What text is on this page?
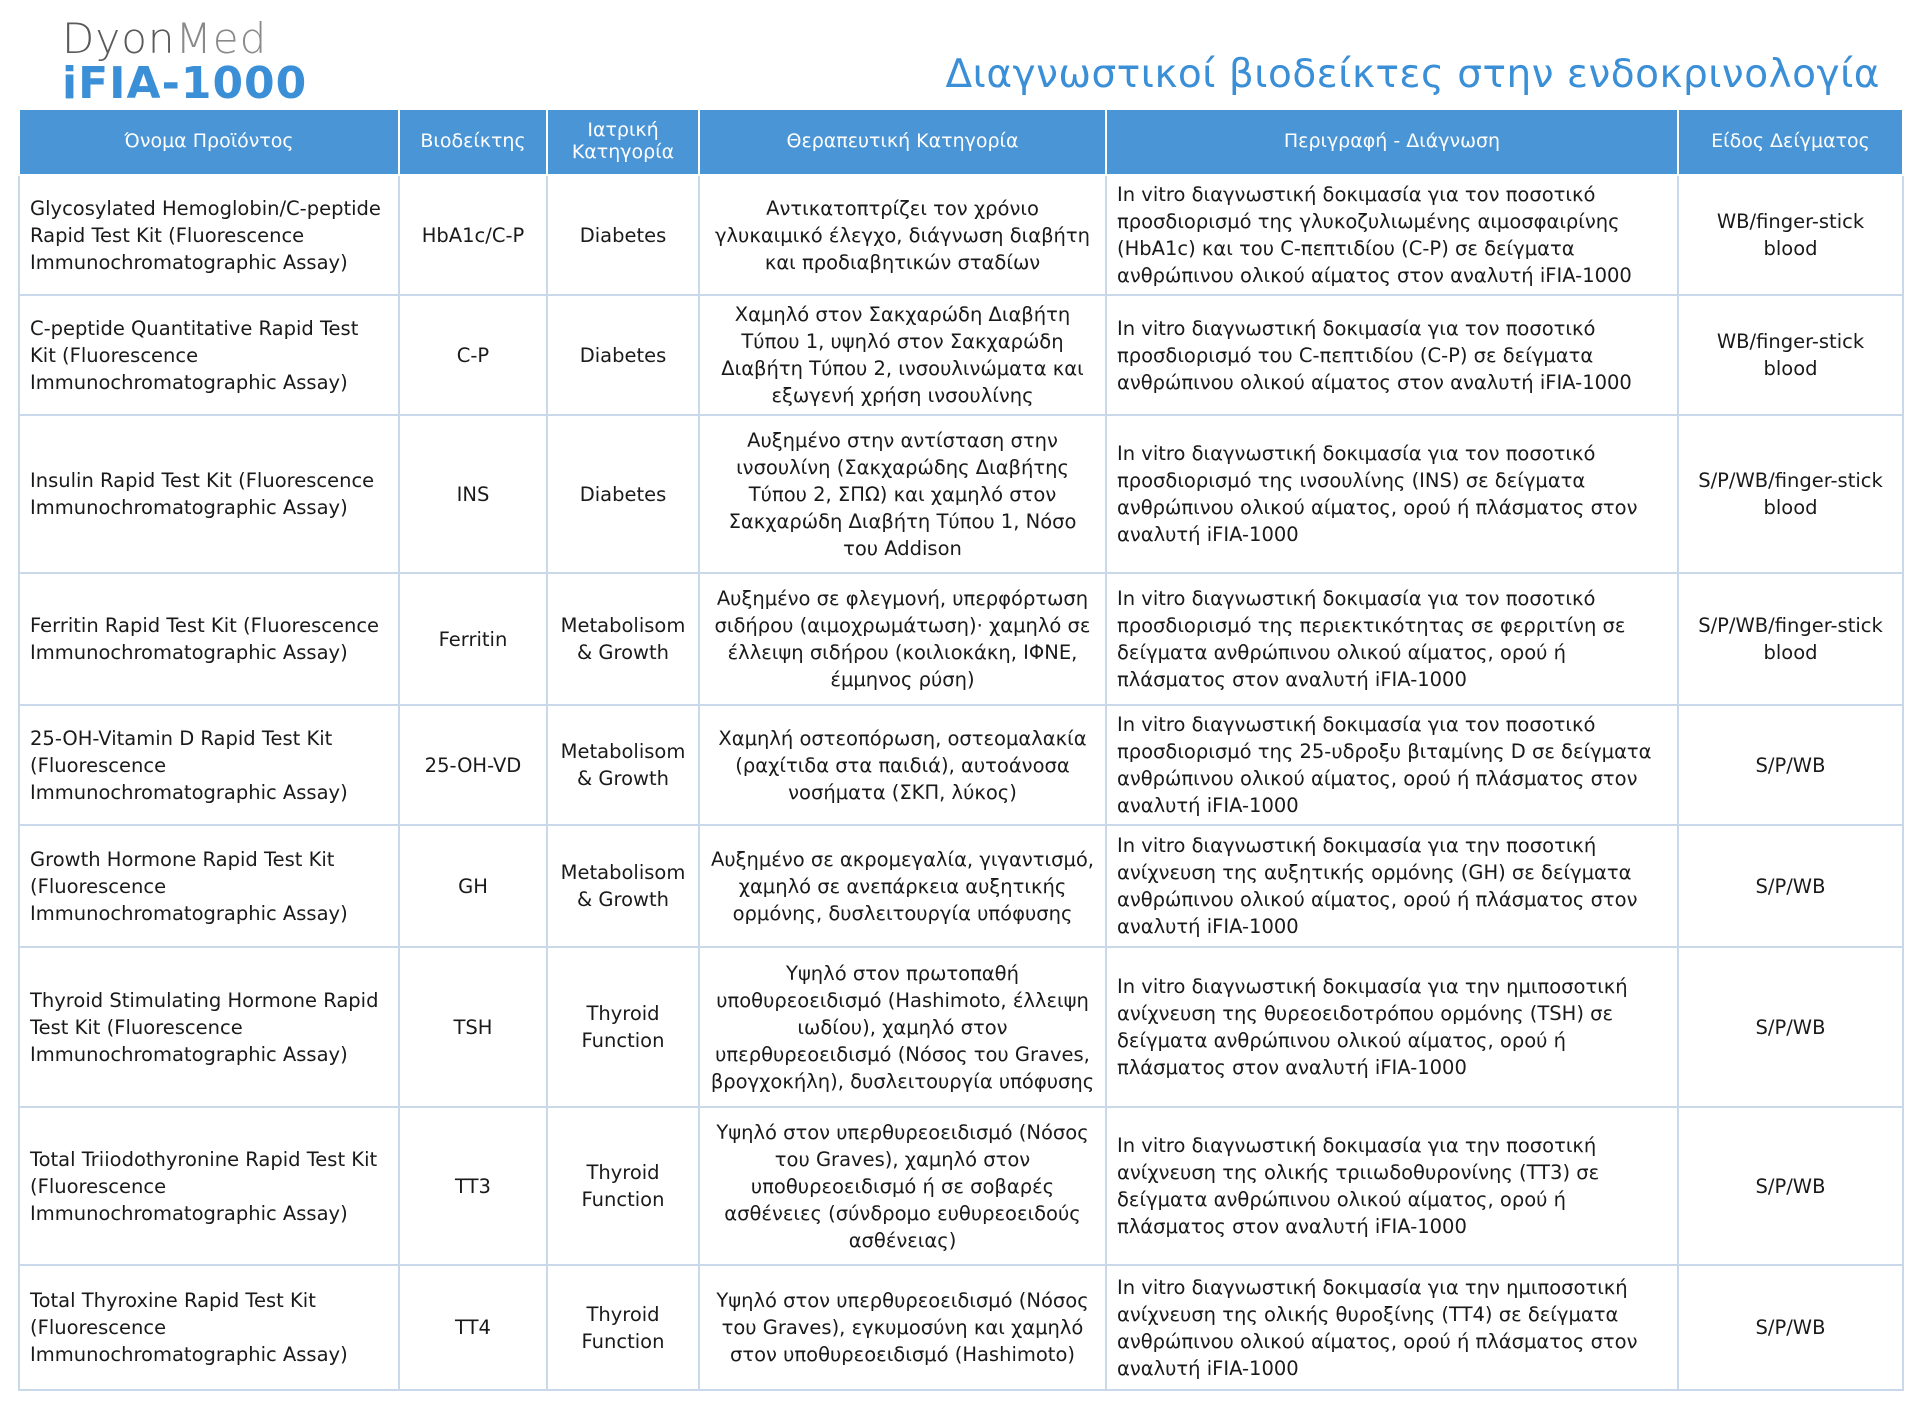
DyonMed
iFIA-1000	Διαγνωστικοί βιοδείκτες στην ενδοκρινολογία
Όνομα Προϊόντος	Βιοδείκτης	Ιατρική Κατηγορία	Θεραπευτική Κατηγορία	Περιγραφή - Διάγνωση	Είδος Δείγματος
Glycosylated Hemoglobin/C-peptide Rapid Test Kit (Fluorescence Immunochromatographic Assay)	HbA1c/C-P	Diabetes	Αντικατοπτρίζει τον χρόνιο γλυκαιμικό έλεγχο, διάγνωση διαβήτη και προδιαβητικών σταδίων	In vitro διαγνωστική δοκιμασία για τον ποσοτικό προσδιορισμό της γλυκοζυλιωμένης αιμοσφαιρίνης (HbA1c) και του C-πεπτιδίου (C-P) σε δείγματα ανθρώπινου ολικού αίματος στον αναλυτή iFIA-1000	WB/finger-stick blood
C-peptide Quantitative Rapid Test Kit (Fluorescence Immunochromatographic Assay)	C-P	Diabetes	Χαμηλό στον Σακχαρώδη Διαβήτη Τύπου 1, υψηλό στον Σακχαρώδη Διαβήτη Τύπου 2, ινσουλινώματα και εξωγενή χρήση ινσουλίνης	In vitro διαγνωστική δοκιμασία για τον ποσοτικό προσδιορισμό του C-πεπτιδίου (C-P) σε δείγματα ανθρώπινου ολικού αίματος στον αναλυτή iFIA-1000	WB/finger-stick blood
Insulin Rapid Test Kit (Fluorescence Immunochromatographic Assay)	INS	Diabetes	Αυξημένο στην αντίσταση στην ινσουλίνη (Σακχαρώδης Διαβήτης Τύπου 2, ΣΠΩ) και χαμηλό στον Σακχαρώδη Διαβήτη Τύπου 1, Νόσο του Addison	In vitro διαγνωστική δοκιμασία για τον ποσοτικό προσδιορισμό της ινσουλίνης (INS) σε δείγματα ανθρώπινου ολικού αίματος, ορού ή πλάσματος στον αναλυτή iFIA-1000	S/P/WB/finger-stick blood
Ferritin Rapid Test Kit (Fluorescence Immunochromatographic Assay)	Ferritin	Metabolisom & Growth	Αυξημένο σε φλεγμονή, υπερφόρτωση σιδήρου (αιμοχρωμάτωση)· χαμηλό σε έλλειψη σιδήρου (κοιλιοκάκη, ΙΦΝΕ, έμμηνος ρύση)	In vitro διαγνωστική δοκιμασία για τον ποσοτικό προσδιορισμό της περιεκτικότητας σε φερριτίνη σε δείγματα ανθρώπινου ολικού αίματος, ορού ή πλάσματος στον αναλυτή iFIA-1000	S/P/WB/finger-stick blood
25-OH-Vitamin D Rapid Test Kit (Fluorescence Immunochromatographic Assay)	25-OH-VD	Metabolisom & Growth	Χαμηλή οστεοπόρωση, οστεομαλακία (ραχίτιδα στα παιδιά), αυτοάνοσα νοσήματα (ΣΚΠ, λύκος)	In vitro διαγνωστική δοκιμασία για τον ποσοτικό προσδιορισμό της 25-υδροξυ βιταμίνης D σε δείγματα ανθρώπινου ολικού αίματος, ορού ή πλάσματος στον αναλυτή iFIA-1000	S/P/WB
Growth Hormone Rapid Test Kit (Fluorescence Immunochromatographic Assay)	GH	Metabolisom & Growth	Αυξημένο σε ακρομεγαλία, γιγαντισμό, χαμηλό σε ανεπάρκεια αυξητικής ορμόνης, δυσλειτουργία υπόφυσης	In vitro διαγνωστική δοκιμασία για την ποσοτική ανίχνευση της αυξητικής ορμόνης (GH) σε δείγματα ανθρώπινου ολικού αίματος, ορού ή πλάσματος στον αναλυτή iFIA-1000	S/P/WB
Thyroid Stimulating Hormone Rapid Test Kit (Fluorescence Immunochromatographic Assay)	TSH	Thyroid Function	Υψηλό στον πρωτοπαθή υποθυρεοειδισμό (Hashimoto, έλλειψη ιωδίου), χαμηλό στον υπερθυρεοειδισμό (Νόσος του Graves, βρογχοκήλη), δυσλειτουργία υπόφυσης	In vitro διαγνωστική δοκιμασία για την ημιποσοτική ανίχνευση της θυρεοειδοτρόπου ορμόνης (TSH) σε δείγματα ανθρώπινου ολικού αίματος, ορού ή πλάσματος στον αναλυτή iFIA-1000	S/P/WB
Total Triiodothyronine Rapid Test Kit (Fluorescence Immunochromatographic Assay)	TT3	Thyroid Function	Υψηλό στον υπερθυρεοειδισμό (Νόσος του Graves), χαμηλό στον υποθυρεοειδισμό ή σε σοβαρές ασθένειες (σύνδρομο ευθυρεοειδούς ασθένειας)	In vitro διαγνωστική δοκιμασία για την ποσοτική ανίχνευση της ολικής τριιωδοθυρονίνης (TT3) σε δείγματα ανθρώπινου ολικού αίματος, ορού ή πλάσματος στον αναλυτή iFIA-1000	S/P/WB
Total Thyroxine Rapid Test Kit (Fluorescence Immunochromatographic Assay)	TT4	Thyroid Function	Υψηλό στον υπερθυρεοειδισμό (Νόσος του Graves), εγκυμοσύνη και χαμηλό στον υποθυρεοειδισμό (Hashimoto)	In vitro διαγνωστική δοκιμασία για την ημιποσοτική ανίχνευση της ολικής θυροξίνης (TT4) σε δείγματα ανθρώπινου ολικού αίματος, ορού ή πλάσματος στον αναλυτή iFIA-1000	S/P/WB
